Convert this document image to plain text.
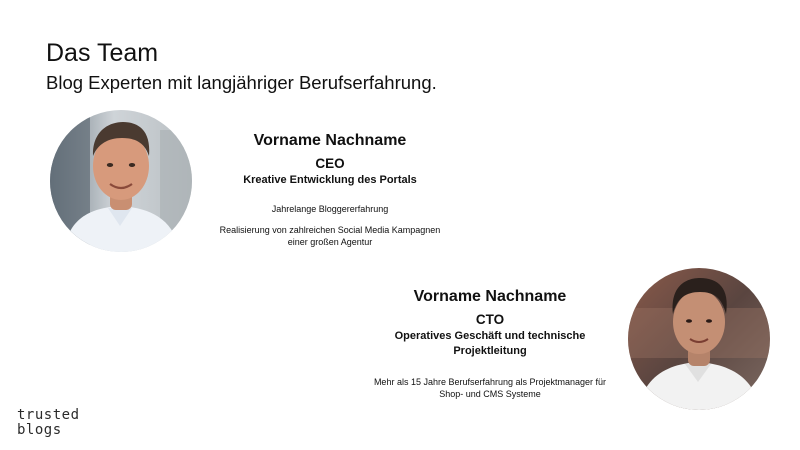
Das Team
Blog Experten mit langjähriger Berufserfahrung.
Vorname Nachname
CEO
Kreative Entwicklung des Portals
Jahrelange Bloggererfahrung
Realisierung von zahlreichen Social Media Kampagnen einer großen Agentur
Vorname Nachname
CTO
Operatives Geschäft und technische Projektleitung
Mehr als 15 Jahre Berufserfahrung als Projektmanager für Shop- und CMS Systeme
trusted
blogs
